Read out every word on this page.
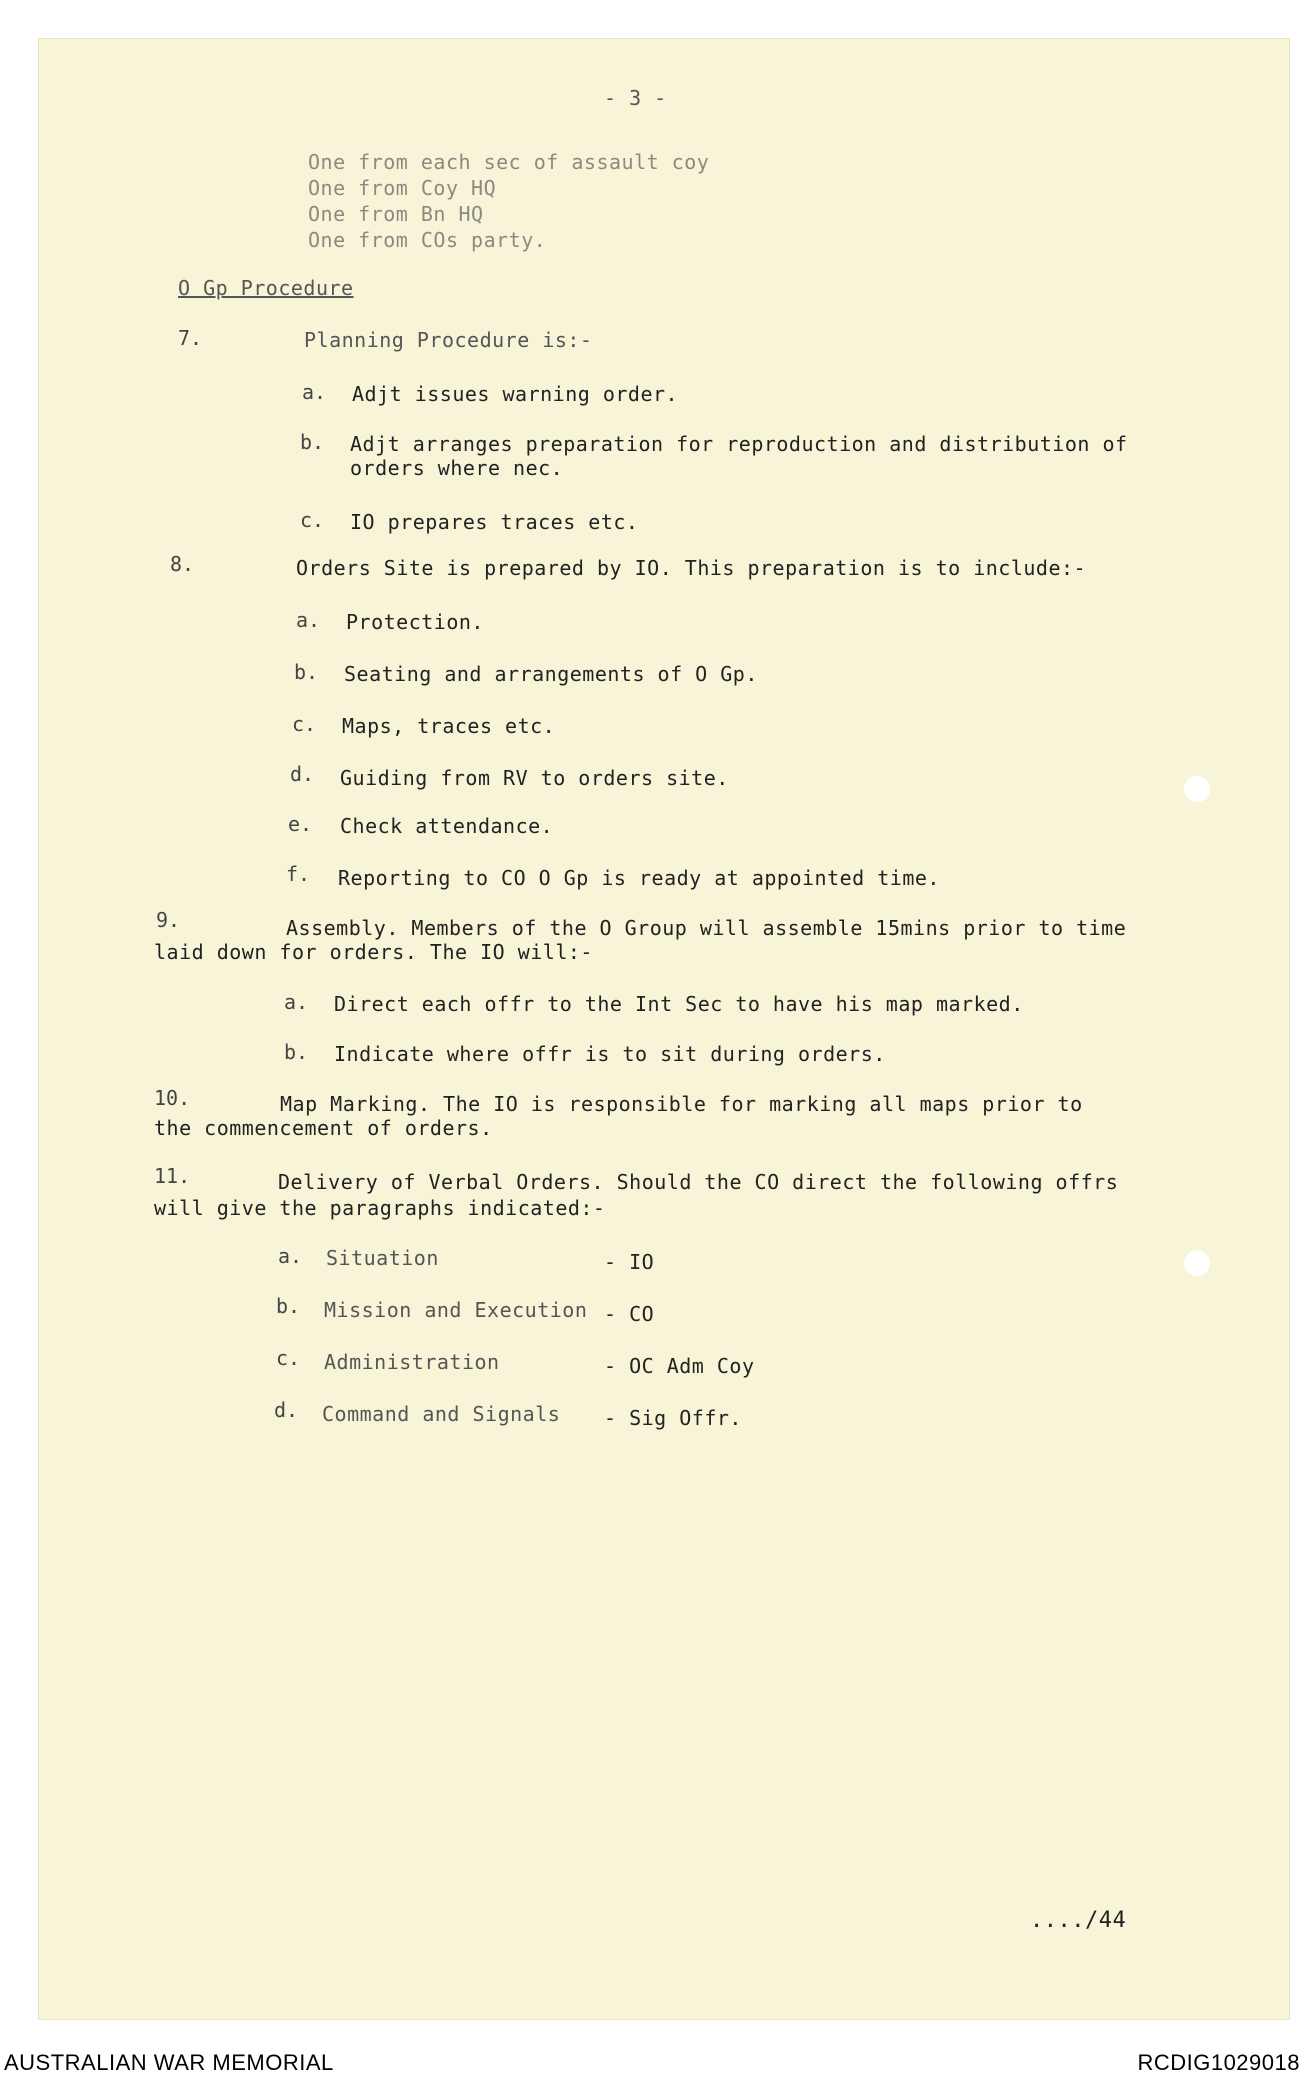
- 3 -
One from each sec of assault coy
One from Coy HQ
One from Bn HQ
One from COs party.
O Gp Procedure
7.	Planning Procedure is:-
a. Adjt issues warning order.
b. Adjt arranges preparation for reproduction and distribution of
orders where nec.
c. IO prepares traces etc.
8.	Orders Site is prepared by IO. This preparation is to include:-
a. Protection.
b. Seating and arrangements of O Gp.
c. Maps, traces etc.
d. Guiding from RV to orders site.
e. Check attendance.
f. Reporting to CO O Gp is ready at appointed time.
9.	Assembly. Members of the O Group will assemble 15mins prior to time
laid down for orders. The IO will:-
a. Direct each offr to the Int Sec to have his map marked.
b. Indicate where offr is to sit during orders.
10.	Map Marking. The IO is responsible for marking all maps prior to
the commencement of orders.
11.	Delivery of Verbal Orders. Should the CO direct the following offrs
will give the paragraphs indicated:-
a. Situation	- IO
b. Mission and Execution - CO
c. Administration	- OC Adm Coy
d. Command and Signals - Sig Offr.
..../44
AUSTRALIAN WAR MEMORIAL	RCDIG1029018
